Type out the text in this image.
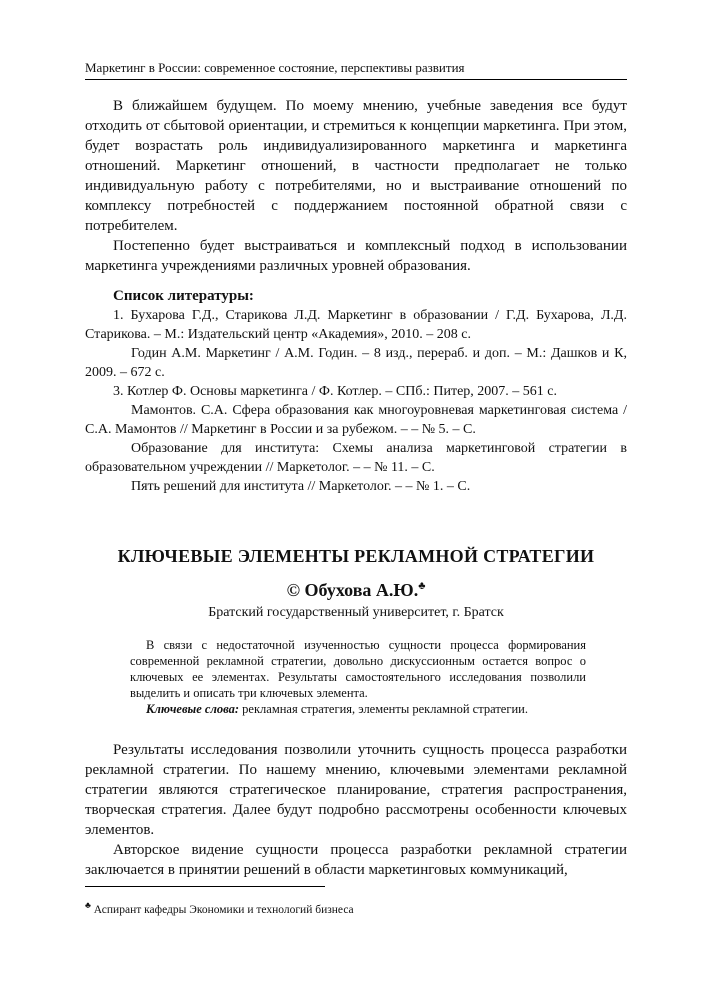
Маркетинг в России: современное состояние, перспективы развития

В ближайшем будущем. По моему мнению, учебные заведения все будут отходить от сбытовой ориентации, и стремиться к концепции маркетинга. При этом, будет возрастать роль индивидуализированного маркетинга и маркетинга отношений. Маркетинг отношений, в частности предполагает не только индивидуальную работу с потребителями, но и выстраивание отношений по комплексу потребностей с поддержанием постоянной обратной связи с потребителем.

Постепенно будет выстраиваться и комплексный подход в использовании маркетинга учреждениями различных уровней образования.

Список литературы:

1. Бухарова Г.Д., Старикова Л.Д. Маркетинг в образовании / Г.Д. Бухарова, Л.Д. Старикова. – М.: Издательский центр «Академия», 2010. – 208 с.

Годин А.М. Маркетинг / А.М. Годин. – 8 изд., перераб. и доп. – М.: Дашков и К, 2009. – 672 с.

3. Котлер Ф. Основы маркетинга / Ф. Котлер. – СПб.: Питер, 2007. – 561 с.

Мамонтов. С.А. Сфера образования как многоуровневая маркетинговая система / С.А. Мамонтов // Маркетинг в России и за рубежом. – – № 5. – С.

Образование для института: Схемы анализа маркетинговой стратегии в образовательном учреждении // Маркетолог. – – № 11. – С.

Пять решений для института // Маркетолог. – – № 1. – С.

КЛЮЧЕВЫЕ ЭЛЕМЕНТЫ РЕКЛАМНОЙ СТРАТЕГИИ

© Обухова А.Ю.♣

Братский государственный университет, г. Братск

В связи с недостаточной изученностью сущности процесса формирования современной рекламной стратегии, довольно дискуссионным остается вопрос о ключевых ее элементах. Результаты самостоятельного исследования позволили выделить и описать три ключевых элемента.

Ключевые слова: рекламная стратегия, элементы рекламной стратегии.

Результаты исследования позволили уточнить сущность процесса разработки рекламной стратегии. По нашему мнению, ключевыми элементами рекламной стратегии являются стратегическое планирование, стратегия распространения, творческая стратегия. Далее будут подробно рассмотрены особенности ключевых элементов.

Авторское видение сущности процесса разработки рекламной стратегии заключается в принятии решений в области маркетинговых коммуникаций,

♣ Аспирант кафедры Экономики и технологий бизнеса
